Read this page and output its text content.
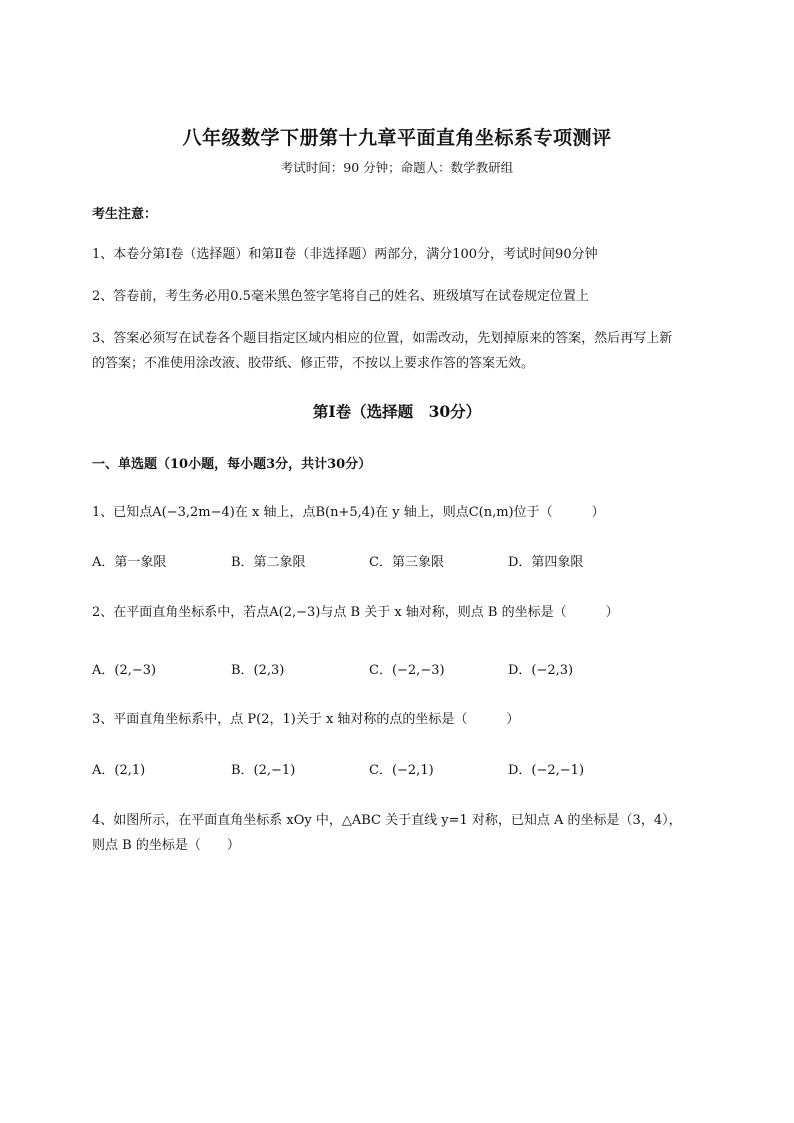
八年级数学下册第十九章平面直角坐标系专项测评
考试时间：90 分钟；命题人：数学教研组
考生注意：
1、本卷分第Ⅰ卷（选择题）和第Ⅱ卷（非选择题）两部分，满分100分，考试时间90分钟
2、答卷前，考生务必用0.5毫米黑色签字笔将自己的姓名、班级填写在试卷规定位置上
3、答案必须写在试卷各个题目指定区域内相应的位置，如需改动，先划掉原来的答案，然后再写上新
的答案；不准使用涂改液、胶带纸、修正带，不按以上要求作答的答案无效。
第Ⅰ卷（选择题　30分）
一、单选题（10小题，每小题3分，共计30分）
1、已知点A(−3,2m−4)在 x 轴上，点B(n+5,4)在 y 轴上，则点C(n,m)位于（　　　）
A．第一象限	B．第二象限	C．第三象限	D．第四象限
2、在平面直角坐标系中，若点A(2,−3)与点 B 关于 x 轴对称，则点 B 的坐标是（　　　）
A．(2,−3)	B．(2,3)	C．(−2,−3)	D．(−2,3)
3、平面直角坐标系中，点 P(2，1)关于 x 轴对称的点的坐标是（　　　）
A．(2,1)	B．(2,−1)	C．(−2,1)	D．(−2,−1)
4、如图所示，在平面直角坐标系 xOy 中，△ABC 关于直线 y=1 对称，已知点 A 的坐标是（3，4），
则点 B 的坐标是（　　）
